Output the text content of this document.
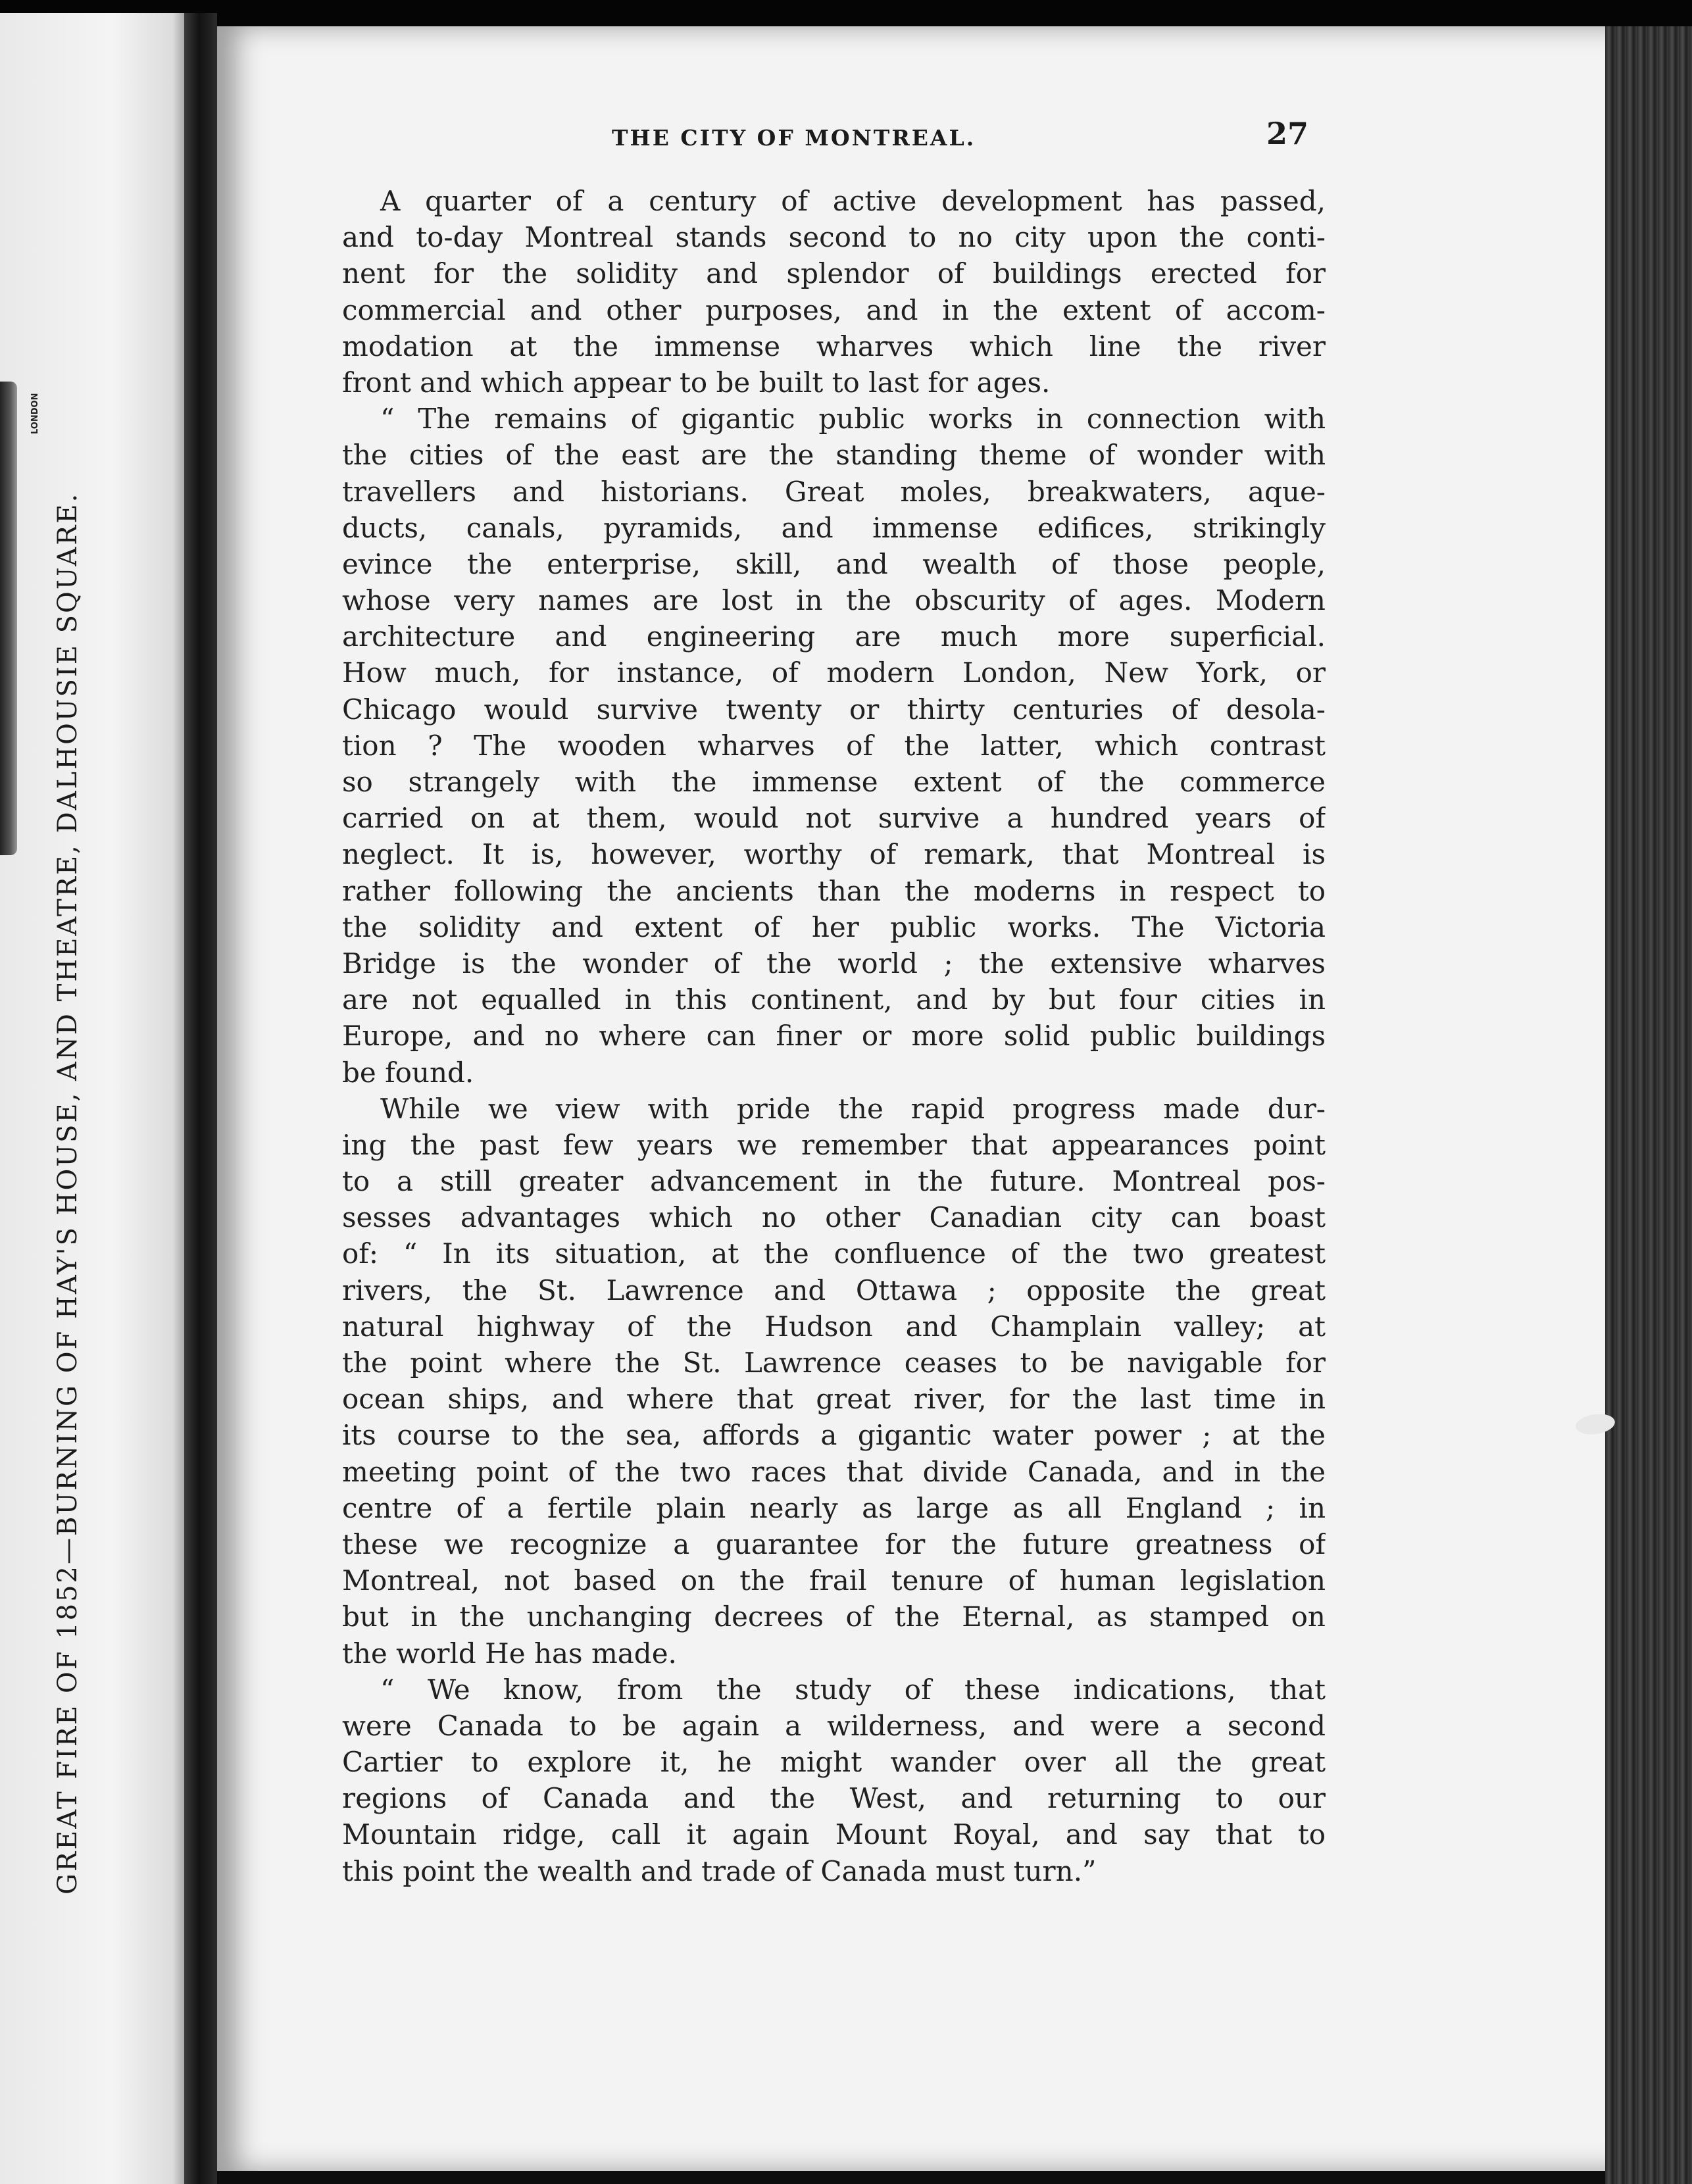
LONDON
GREAT FIRE OF 1852—BURNING OF HAY'S HOUSE, AND THEATRE, DALHOUSIE SQUARE.
THE CITY OF MONTREAL.	27
A quarter of a century of active development has passed,
and to-day Montreal stands second to no city upon the conti-
nent for the solidity and splendor of buildings erected for
commercial and other purposes, and in the extent of accom-
modation at the immense wharves which line the river
front and which appear to be built to last for ages.
“ The remains of gigantic public works in connection with
the cities of the east are the standing theme of wonder with
travellers and historians. Great moles, breakwaters, aque-
ducts, canals, pyramids, and immense edifices, strikingly
evince the enterprise, skill, and wealth of those people,
whose very names are lost in the obscurity of ages. Modern
architecture and engineering are much more superficial.
How much, for instance, of modern London, New York, or
Chicago would survive twenty or thirty centuries of desola-
tion ? The wooden wharves of the latter, which contrast
so strangely with the immense extent of the commerce
carried on at them, would not survive a hundred years of
neglect. It is, however, worthy of remark, that Montreal is
rather following the ancients than the moderns in respect to
the solidity and extent of her public works. The Victoria
Bridge is the wonder of the world ; the extensive wharves
are not equalled in this continent, and by but four cities in
Europe, and no where can finer or more solid public buildings
be found.
While we view with pride the rapid progress made dur-
ing the past few years we remember that appearances point
to a still greater advancement in the future. Montreal pos-
sesses advantages which no other Canadian city can boast
of: “ In its situation, at the confluence of the two greatest
rivers, the St. Lawrence and Ottawa ; opposite the great
natural highway of the Hudson and Champlain valley; at
the point where the St. Lawrence ceases to be navigable for
ocean ships, and where that great river, for the last time in
its course to the sea, affords a gigantic water power ; at the
meeting point of the two races that divide Canada, and in the
centre of a fertile plain nearly as large as all England ; in
these we recognize a guarantee for the future greatness of
Montreal, not based on the frail tenure of human legislation
but in the unchanging decrees of the Eternal, as stamped on
the world He has made.
“ We know, from the study of these indications, that
were Canada to be again a wilderness, and were a second
Cartier to explore it, he might wander over all the great
regions of Canada and the West, and returning to our
Mountain ridge, call it again Mount Royal, and say that to
this point the wealth and trade of Canada must turn.”
